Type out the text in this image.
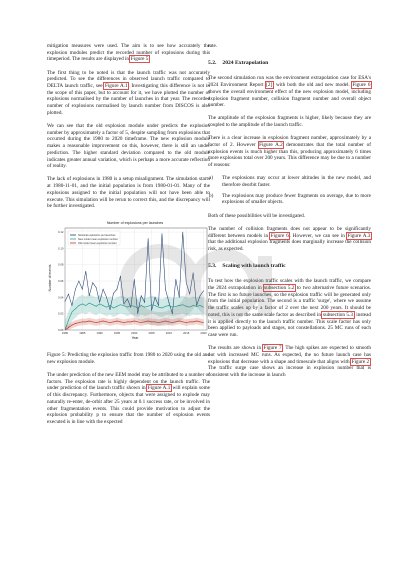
mitigation measures were used. The aim is to see how accurately the explosion modules predict the recorded number of explosions during this timeperiod. The results are displayed in Figure 5.

The first thing to be noted is that the launch traffic was not accurately predicted. To see the differences in observed launch traffic compared to DELTA launch traffic, see Figure A.1. Investigating this difference is not in the scope of this paper, but to account for it, we have plotted the number of explosions normalised by the number of launches in that year. The recorded number of explosions normalised by launch number from DISCOS is also plotted.

We can see that the old explosion module under predicts the explosion number by approximately a factor of 5, despite sampling from explosions that occurred during the 1980 to 2020 timeframe. The new explosion module makes a reasonable improvement on this, however, there is still an under prediction. The higher standard deviation compared to the old module indicates greater annual variation, which is perhaps a more accurate reflection of reality.

The lack of explosions in 1980 is a setup misalignment. The simulation starts at 1980-11-01, and the initial population is from 1980-01-01. Many of the explosions assigned to the initial population will not have been able to execute. This simulation will be rerun to correct this, and the discrepancy will be further investigated.

Number of explosions per launches
Year
Number of events
0.00
0.02
0.04
0.06
0.08
0.10
0.12
1980	1985	1990	1995	2000	2005	2010	2015	2020
historical explosions per launches
New model mean explosion number
Old model mean explosion number

Figure 5: Predicting the explosion traffic from 1980 to 2020 using the old and new explosion module.

The under prediction of the new EEM model may be attributed to a number of factors. The explosion rate is highly dependent on the launch traffic. The under prediction of the launch traffic shown in Figure A.1 will explain some of this discrepancy. Furthermore, objects that were assigned to explode may naturally re-enter, de-orbit after 25 years at 0.1 success rate, or be involved in other fragmentation events. This could provide motivation to adjust the explosion probability p to ensure that the number of explosion events executed is in line with the expected

rate.

5.2. 2024 Extrapolation

The second simulation run was the environment extrapolation case for ESA's 2024 Environment Report [2], with both the old and new model. Figure 6 shows the overall environment effect of the new explosion model, including explosion fragment number, collision fragment number and overall object number.

The amplitude of the explosion fragments is higher, likely because they are coupled to the amplitude of the launch traffic.

There is a clear increase in explosion fragment number, approximately by a factor of 2. However Figure A.2 demonstrates that the total number of explosion events is much higher than this, producing approximately 6 times more explosions total over 200 years. This difference may be due to a number of reasons:

a) The explosions may occur at lower altitudes in the new model, and therefore deorbit faster.
b) The explosions may produce fewer fragments on average, due to more explosions of smaller objects.

Both of these possibilities will be investigated.

The number of collision fragments does not appear to be significantly different between models in Figure 6. However, we can see in Figure A.3 that the additional explosion fragments does marginally increase the collision risk, as expected.

5.3. Scaling with launch traffic

To test how the explosion traffic scales with the launch traffic, we compare the 2024 extrapolation in subsection 5.2 to two alternative future scenarios. The first is no future launches, so the explosion traffic will be generated only from the initial population. The second is a traffic 'surge', where we assume the traffic scales up by a factor of 2 over the next 200 years. It should be noted, this is not the same scale factor as described in subsection 5.3, instead it is applied directly to the launch traffic number. This scale factor has only been applied to payloads and stages, not constellations. 25 MC runs of each case were run.

The results are shown in Figure 7. The high spikes are expected to smooth out with increased MC runs. As expected, the no future launch case has explosions that decrease with a shape and timescale that aligns with Figure 2. The traffic surge case shows an increase in explosion number that is consistent with the increase in launch
